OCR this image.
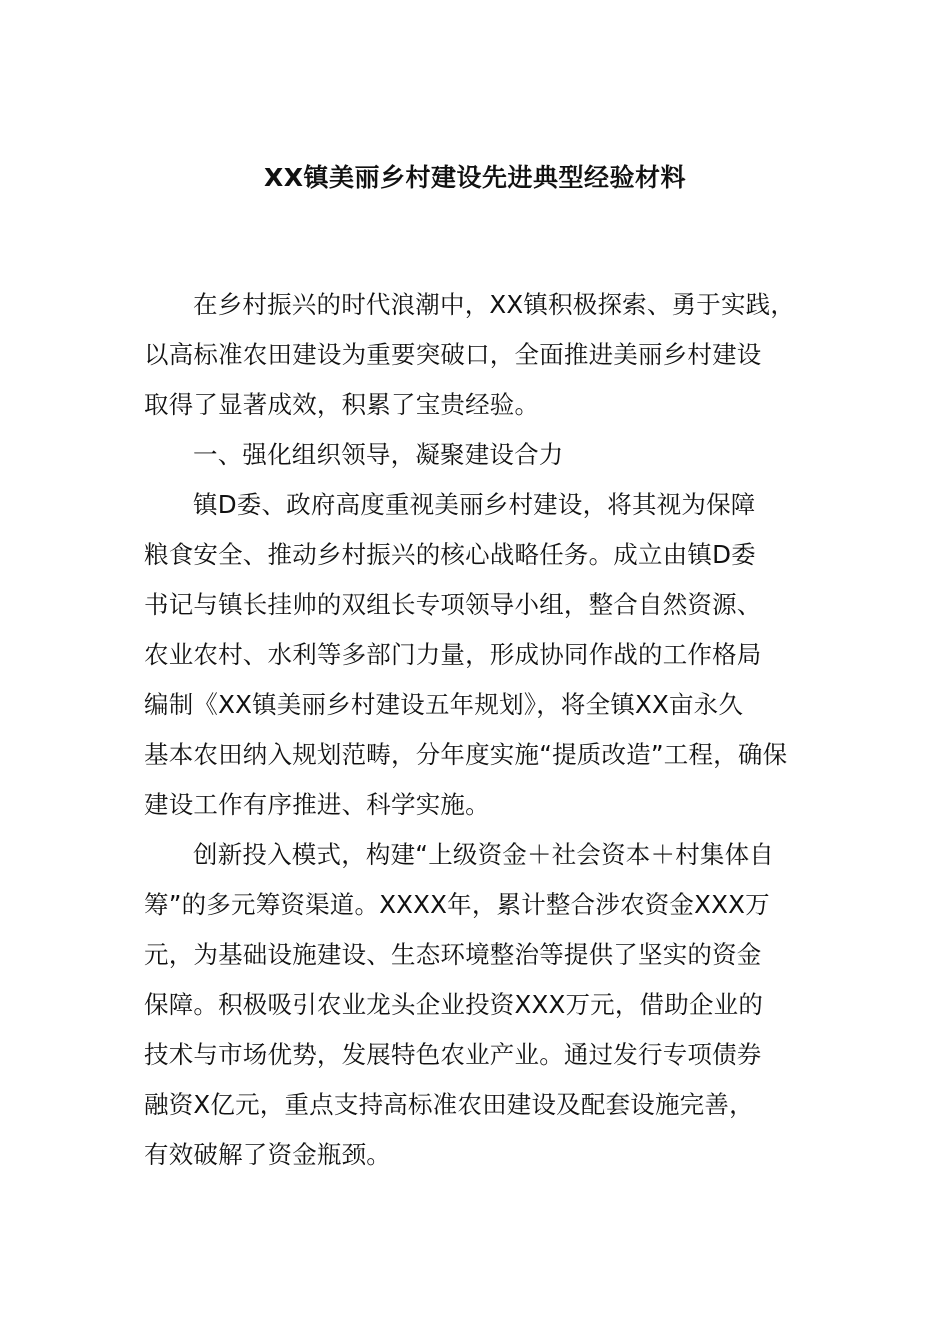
XX镇美丽乡村建设先进典型经验材料
在乡村振兴的时代浪潮中，XX镇积极探索、勇于实践，
以高标准农田建设为重要突破口，全面推进美丽乡村建设
取得了显著成效，积累了宝贵经验。
一、强化组织领导，凝聚建设合力
镇D委、政府高度重视美丽乡村建设，将其视为保障
粮食安全、推动乡村振兴的核心战略任务。成立由镇D委
书记与镇长挂帅的双组长专项领导小组，整合自然资源、
农业农村、水利等多部门力量，形成协同作战的工作格局
编制《XX镇美丽乡村建设五年规划》，将全镇XX亩永久
基本农田纳入规划范畴，分年度实施“提质改造”工程，确保
建设工作有序推进、科学实施。
创新投入模式，构建“上级资金＋社会资本＋村集体自
筹”的多元筹资渠道。XXXX年，累计整合涉农资金XXX万
元，为基础设施建设、生态环境整治等提供了坚实的资金
保障。积极吸引农业龙头企业投资XXX万元，借助企业的
技术与市场优势，发展特色农业产业。通过发行专项债券
融资X亿元，重点支持高标准农田建设及配套设施完善，
有效破解了资金瓶颈。
